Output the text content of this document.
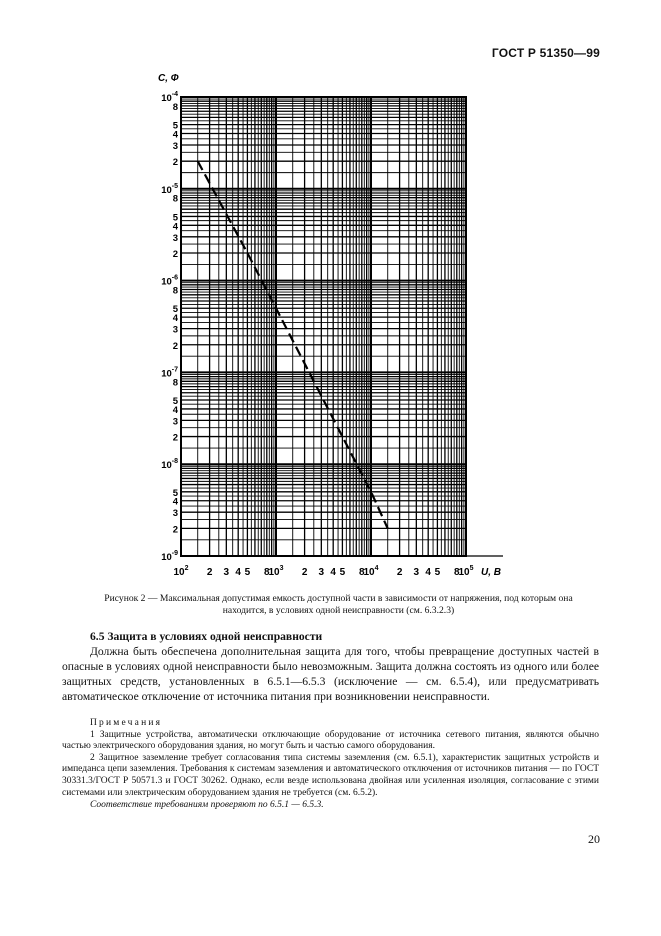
ГОСТ Р 51350—99
$10^2$ 2 3 4 5 8
$10^3$ 2 3 4 5 8
$10^4$ 2 3 4 5 8
$10^5$
$10^{-4}$
8
5
4
3
2
$10^{-5}$
8
5
4
3
2
$10^{-6}$
8
5
4
3
2
$10^{-7}$
8
5
4
3
2
$10^{-8}$
5
4
3
2
$10^{-9}$
C, Ф
U, В
Рисунок 2 — Максимальная допустимая емкость доступной части в зависимости от напряжения, под которым она находится, в условиях одной неисправности (см. 6.3.2.3)
6.5 Защита в условиях одной неисправности

Должна быть обеспечена дополнительная защита для того, чтобы превращение доступных частей в опасные в условиях одной неисправности было невозможным. Защита должна состоять из одного или более защитных средств, установленных в 6.5.1—6.5.3 (исключение — см. 6.5.4), или предусматривать автоматическое отключение от источника питания при возникновении неисправности.

Примечания

1 Защитные устройства, автоматически отключающие оборудование от источника сетевого питания, являются обычно частью электрического оборудования здания, но могут быть и частью самого оборудования.

2 Защитное заземление требует согласования типа системы заземления (см. 6.5.1), характеристик защитных устройств и импеданса цепи заземления. Требования к системам заземления и автоматического отключения от источников питания — по ГОСТ 30331.3/ГОСТ Р 50571.3 и ГОСТ 30262. Однако, если везде использована двойная или усиленная изоляция, согласование с этими системами или электрическим оборудованием здания не требуется (см. 6.5.2).

Соответствие требованиям проверяют по 6.5.1 — 6.5.3.
20
